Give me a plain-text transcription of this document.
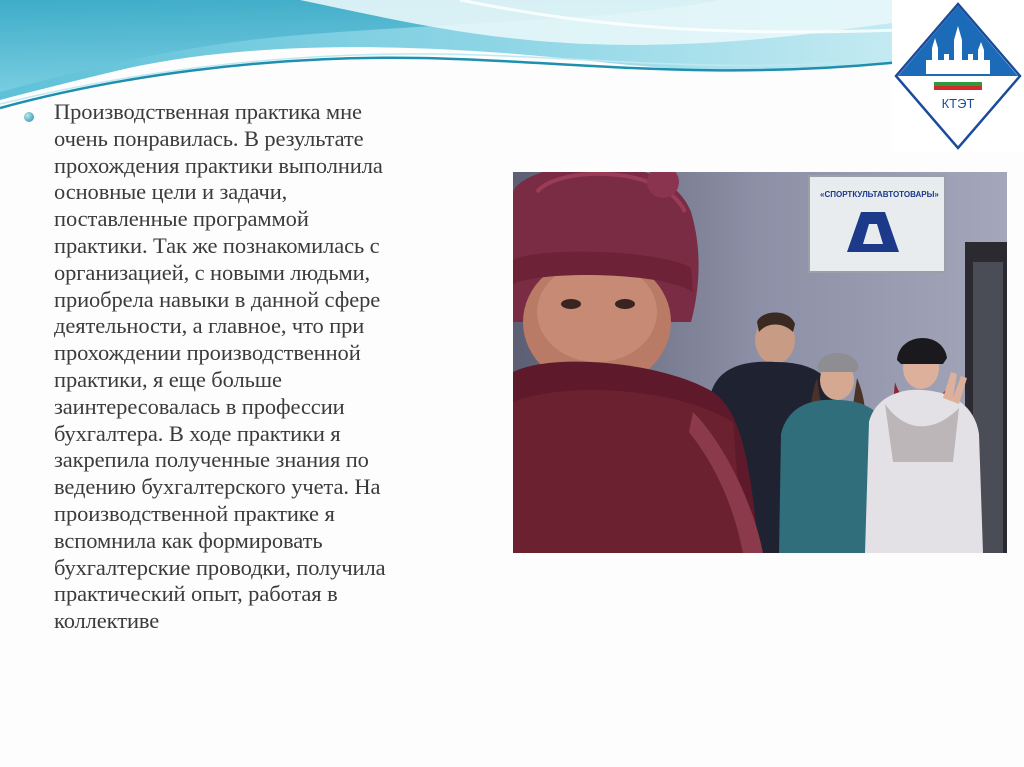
КТЭТ
Производственная практика мне
очень понравилась. В результате
прохождения практики выполнила
основные цели и задачи,
поставленные программой
практики. Так же познакомилась с
организацией, с новыми людьми,
приобрела навыки в данной сфере
деятельности, а главное, что при
прохождении производственной
практики, я еще больше
заинтересовалась в профессии
бухгалтера. В ходе практики я
закрепила полученные знания по
ведению бухгалтерского учета. На
производственной практике я
вспомнила как формировать
бухгалтерские проводки, получила
практический опыт, работая в
коллективе
«СПОРТКУЛЬТАВТОТОВАРЫ»
